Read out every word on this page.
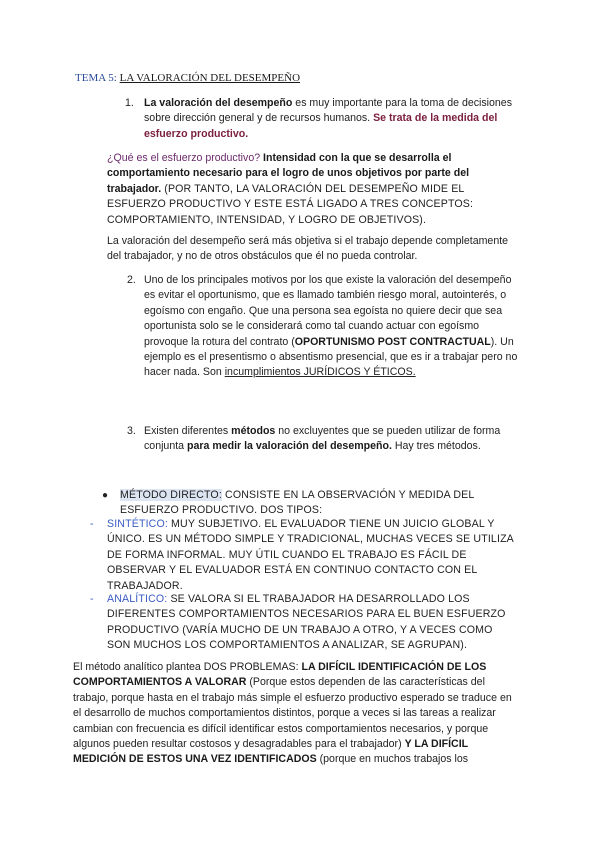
TEMA 5: LA VALORACIÓN DEL DESEMPEÑO
1. La valoración del desempeño es muy importante para la toma de decisiones sobre dirección general y de recursos humanos. Se trata de la medida del esfuerzo productivo.
¿Qué es el esfuerzo productivo? Intensidad con la que se desarrolla el comportamiento necesario para el logro de unos objetivos por parte del trabajador. (POR TANTO, LA VALORACIÓN DEL DESEMPEÑO MIDE EL ESFUERZO PRODUCTIVO Y ESTE ESTÁ LIGADO A TRES CONCEPTOS: COMPORTAMIENTO, INTENSIDAD, Y LOGRO DE OBJETIVOS).
La valoración del desempeño será más objetiva si el trabajo depende completamente del trabajador, y no de otros obstáculos que él no pueda controlar.
2. Uno de los principales motivos por los que existe la valoración del desempeño es evitar el oportunismo, que es llamado también riesgo moral, autointerés, o egoísmo con engaño. Que una persona sea egoísta no quiere decir que sea oportunista solo se le considerará como tal cuando actuar con egoísmo provoque la rotura del contrato (OPORTUNISMO POST CONTRACTUAL). Un ejemplo es el presentismo o absentismo presencial, que es ir a trabajar pero no hacer nada. Son incumplimientos JURÍDICOS Y ÉTICOS.
3. Existen diferentes métodos no excluyentes que se pueden utilizar de forma conjunta para medir la valoración del desempeño. Hay tres métodos.
● MÉTODO DIRECTO: CONSISTE EN LA OBSERVACIÓN Y MEDIDA DEL ESFUERZO PRODUCTIVO. DOS TIPOS:
- SINTÉTICO: MUY SUBJETIVO. EL EVALUADOR TIENE UN JUICIO GLOBAL Y ÚNICO. ES UN MÉTODO SIMPLE Y TRADICIONAL, MUCHAS VECES SE UTILIZA DE FORMA INFORMAL. MUY ÚTIL CUANDO EL TRABAJO ES FÁCIL DE OBSERVAR Y EL EVALUADOR ESTÁ EN CONTINUO CONTACTO CON EL TRABAJADOR.
- ANALÍTICO: SE VALORA SI EL TRABAJADOR HA DESARROLLADO LOS DIFERENTES COMPORTAMIENTOS NECESARIOS PARA EL BUEN ESFUERZO PRODUCTIVO (VARÍA MUCHO DE UN TRABAJO A OTRO, Y A VECES COMO SON MUCHOS LOS COMPORTAMIENTOS A ANALIZAR, SE AGRUPAN).
El método analítico plantea DOS PROBLEMAS: LA DIFÍCIL IDENTIFICACIÓN DE LOS COMPORTAMIENTOS A VALORAR (Porque estos dependen de las características del trabajo, porque hasta en el trabajo más simple el esfuerzo productivo esperado se traduce en el desarrollo de muchos comportamientos distintos, porque a veces si las tareas a realizar cambian con frecuencia es difícil identificar estos comportamientos necesarios, y porque algunos pueden resultar costosos y desagradables para el trabajador) Y LA DIFÍCIL MEDICIÓN DE ESTOS UNA VEZ IDENTIFICADOS (porque en muchos trabajos los
